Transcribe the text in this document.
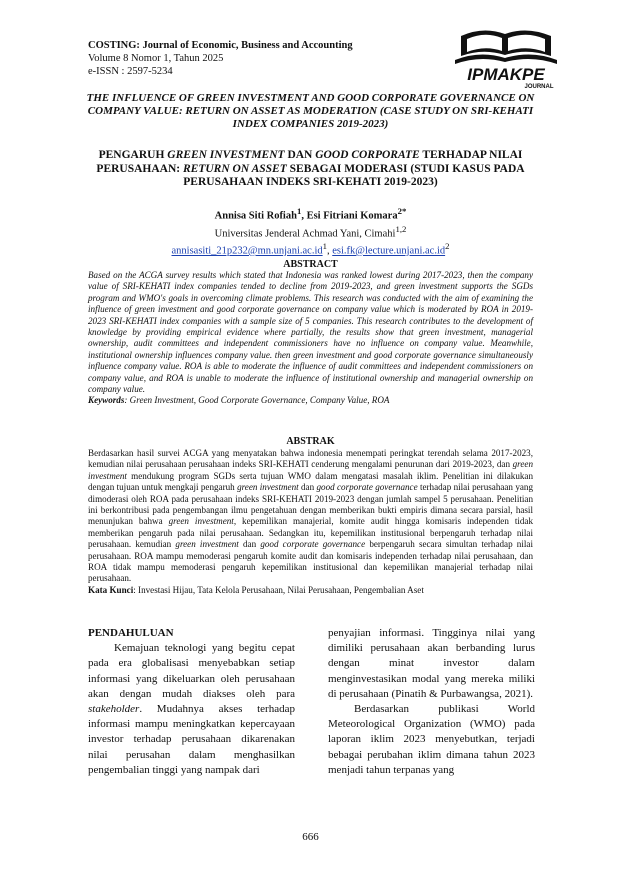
COSTING: Journal of Economic, Business and Accounting
Volume 8 Nomor 1, Tahun 2025
e-ISSN : 2597-5234	IPMAKPE
JOURNAL
THE INFLUENCE OF GREEN INVESTMENT AND GOOD CORPORATE GOVERNANCE ON COMPANY VALUE: RETURN ON ASSET AS MODERATION (CASE STUDY ON SRI-KEHATI INDEX COMPANIES 2019-2023)
PENGARUH GREEN INVESTMENT DAN GOOD CORPORATE TERHADAP NILAI PERUSAHAAN: RETURN ON ASSET SEBAGAI MODERASI (STUDI KASUS PADA PERUSAHAAN INDEKS SRI-KEHATI 2019-2023)
Annisa Siti Rofiah$^1$, Esi Fitriani Komara$^{2*}$
Universitas Jenderal Achmad Yani, Cimahi$^{1,2}$
$annisasiti\_21p232@mn.unjani.ac.id^1$, $esi.fk@lecture.unjani.ac.id^2$
ABSTRACT
Based on the ACGA survey results which stated that Indonesia was ranked lowest during 2017-2023, then the company value of SRI-KEHATI index companies tended to decline from 2019-2023, and green investment supports the SGDs program and WMO's goals in overcoming climate problems. This research was conducted with the aim of examining the influence of green investment and good corporate governance on company value which is moderated by ROA in 2019-2023 SRI-KEHATI index companies with a sample size of 5 companies. This research contributes to the development of knowledge by providing empirical evidence where partially, the results show that green investment, managerial ownership, audit committees and independent commissioners have no influence on company value. Meanwhile, institutional ownership influences company value. then green investment and good corporate governance simultaneously influence company value. ROA is able to moderate the influence of audit committees and independent commissioners on company value, and ROA is unable to moderate the influence of institutional ownership and managerial ownership on company value.
Keywords: Green Investment, Good Corporate Governance, Company Value, ROA
ABSTRAK
Berdasarkan hasil survei ACGA yang menyatakan bahwa indonesia menempati peringkat terendah selama 2017-2023, kemudian nilai perusahaan perusahaan indeks SRI-KEHATI cenderung mengalami penurunan dari 2019-2023, dan green investment mendukung program SGDs serta tujuan WMO dalam mengatasi masalah iklim. Penelitian ini dilakukan dengan tujuan untuk mengkaji pengaruh green investment dan good corporate governance terhadap nilai perusahaan yang dimoderasi oleh ROA pada perusahaan indeks SRI-KEHATI 2019-2023 dengan jumlah sampel 5 perusahaan. Penelitian ini berkontribusi pada pengembangan ilmu pengetahuan dengan memberikan bukti empiris dimana secara parsial, hasil menunjukan bahwa green investment, kepemilikan manajerial, komite audit hingga komisaris independen tidak memberikan pengaruh pada nilai perusahaan. Sedangkan itu, kepemilikan institusional berpengaruh terhadap nilai perusahaan. kemudian green investment dan good corporate governance berpengaruh secara simultan terhadap nilai perusahaan. ROA mampu memoderasi pengaruh komite audit dan komisaris independen terhadap nilai perusahaan, dan ROA tidak mampu memoderasi pengaruh kepemilikan institusional dan kepemilikan manajerial terhadap nilai perusahaan.
Kata Kunci: Investasi Hijau, Tata Kelola Perusahaan, Nilai Perusahaan, Pengembalian Aset

PENDAHULUAN

Kemajuan teknologi yang begitu cepat pada era globalisasi menyebabkan setiap informasi yang dikeluarkan oleh perusahaan akan dengan mudah diakses oleh para stakeholder. Mudahnya akses terhadap informasi mampu meningkatkan kepercayaan investor terhadap perusahaan dikarenakan nilai perusahan dalam menghasilkan pengembalian tinggi yang nampak dari

penyajian informasi. Tingginya nilai yang dimiliki perusahaan akan berbanding lurus dengan minat investor dalam menginvestasikan modal yang mereka miliki di perusahaan (Pinatih & Purbawangsa, 2021).

Berdasarkan publikasi World Meteorological Organization (WMO) pada laporan iklim 2023 menyebutkan, terjadi bebagai perubahan iklim dimana tahun 2023 menjadi tahun terpanas yang

666
